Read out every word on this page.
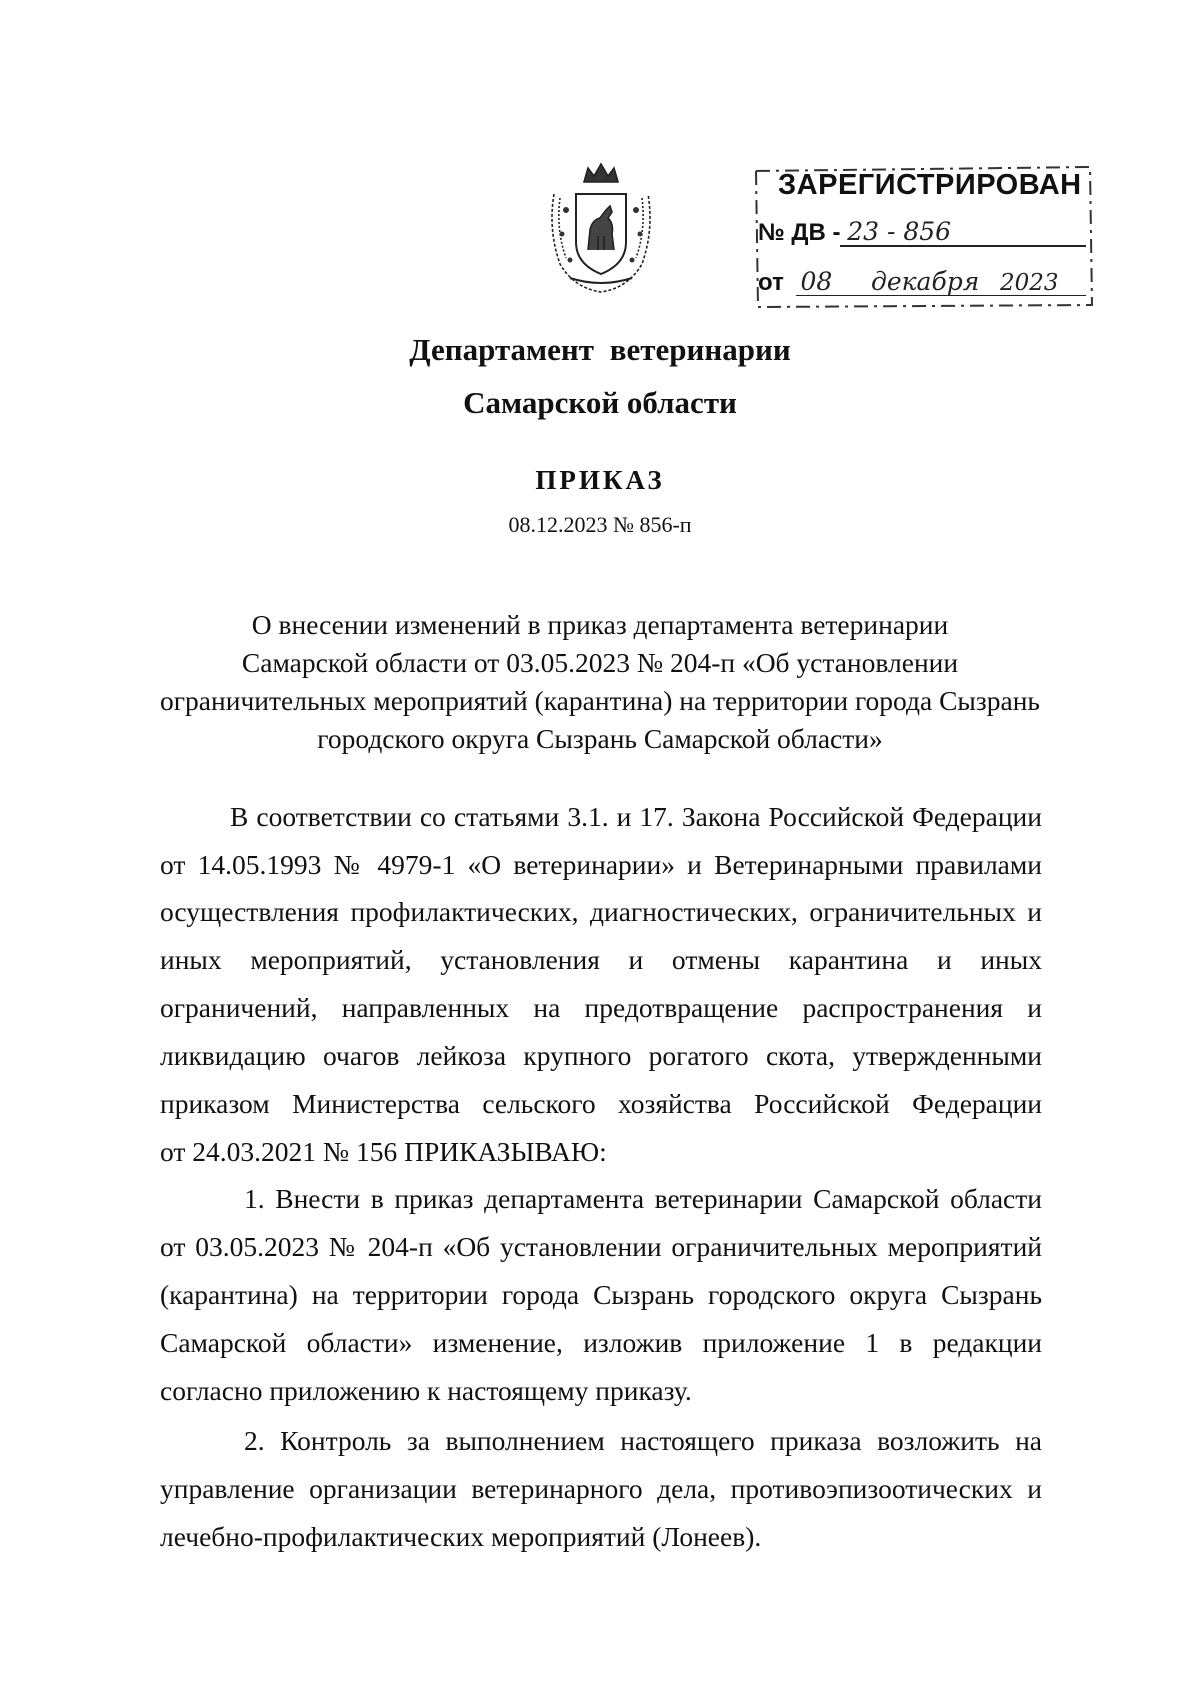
ЗАРЕГИСТРИРОВАН
№ ДВ - 23 - 856
от 08 декабря 2023
Департамент ветеринарии
Самарской области
ПРИКАЗ
08.12.2023 № 856-п
О внесении изменений в приказ департамента ветеринарии
Самарской области от 03.05.2023 № 204-п «Об установлении
ограничительных мероприятий (карантина) на территории города Сызрань
городского округа Сызрань Самарской области»
В соответствии со статьями 3.1. и 17. Закона Российской Федерации
от 14.05.1993 № 4979-1 «О ветеринарии» и Ветеринарными правилами
осуществления профилактических, диагностических, ограничительных и
иных мероприятий, установления и отмены карантина и иных
ограничений, направленных на предотвращение распространения и
ликвидацию очагов лейкоза крупного рогатого скота, утвержденными
приказом Министерства сельского хозяйства Российской Федерации
от 24.03.2021 № 156 ПРИКАЗЫВАЮ:
1. Внести в приказ департамента ветеринарии Самарской области
от 03.05.2023 № 204-п «Об установлении ограничительных мероприятий
(карантина) на территории города Сызрань городского округа Сызрань
Самарской области» изменение, изложив приложение 1 в редакции
согласно приложению к настоящему приказу.
2. Контроль за выполнением настоящего приказа возложить на
управление организации ветеринарного дела, противоэпизоотических и
лечебно-профилактических мероприятий (Лонеев).
